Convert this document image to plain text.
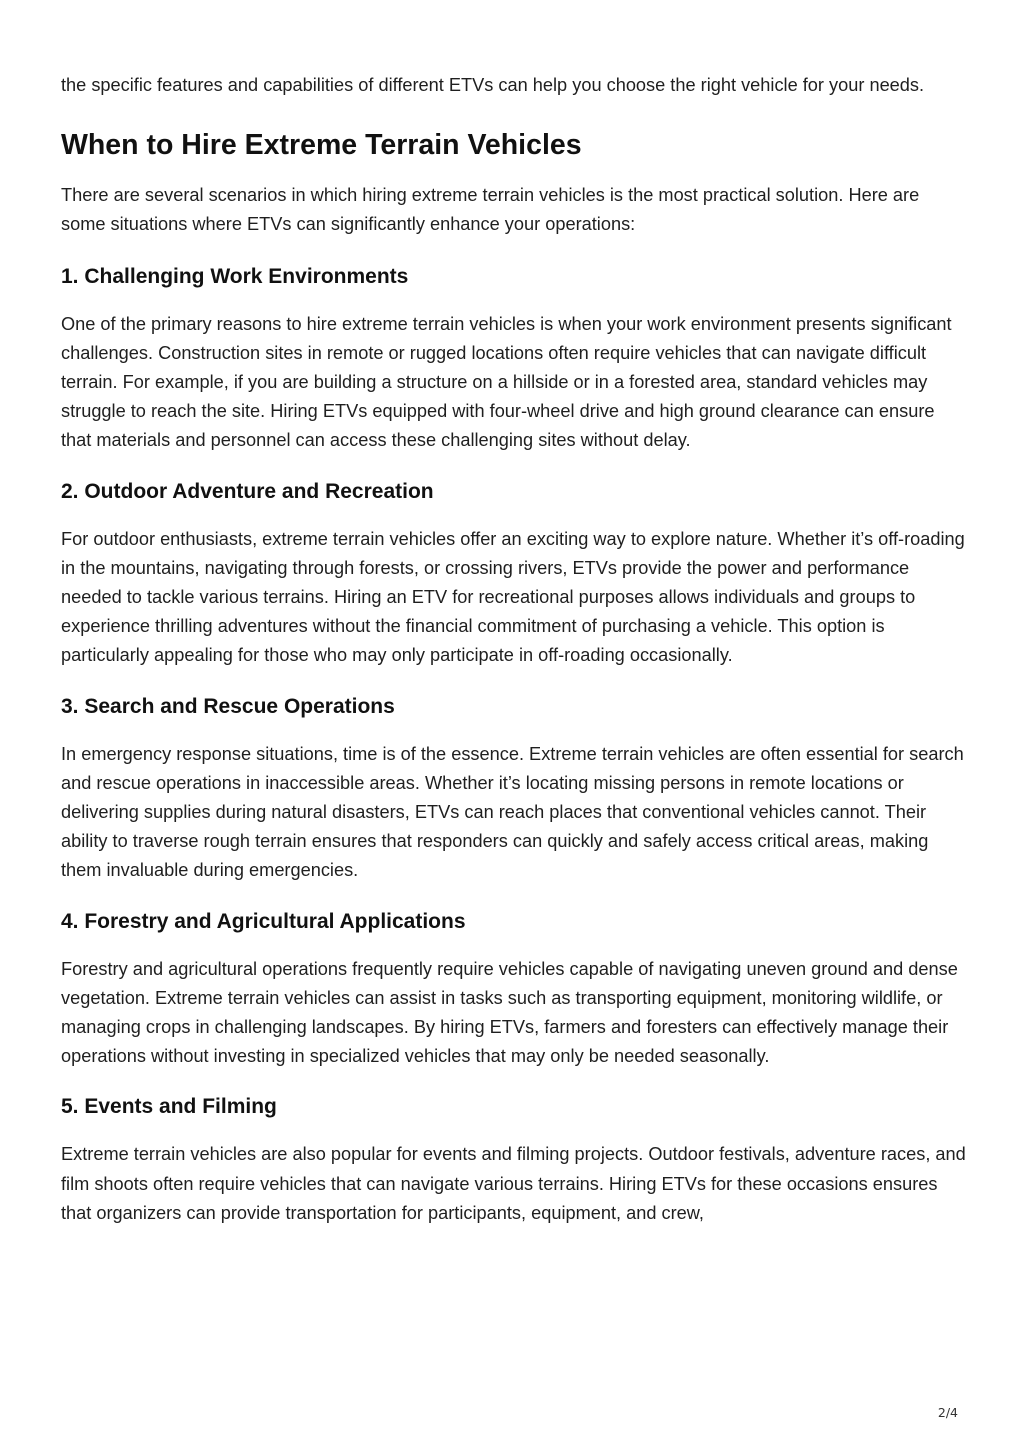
the specific features and capabilities of different ETVs can help you choose the right vehicle for your needs.

When to Hire Extreme Terrain Vehicles

There are several scenarios in which hiring extreme terrain vehicles is the most practical solution. Here are some situations where ETVs can significantly enhance your operations:

1. Challenging Work Environments

One of the primary reasons to hire extreme terrain vehicles is when your work environment presents significant challenges. Construction sites in remote or rugged locations often require vehicles that can navigate difficult terrain. For example, if you are building a structure on a hillside or in a forested area, standard vehicles may struggle to reach the site. Hiring ETVs equipped with four-wheel drive and high ground clearance can ensure that materials and personnel can access these challenging sites without delay.

2. Outdoor Adventure and Recreation

For outdoor enthusiasts, extreme terrain vehicles offer an exciting way to explore nature. Whether it’s off-roading in the mountains, navigating through forests, or crossing rivers, ETVs provide the power and performance needed to tackle various terrains. Hiring an ETV for recreational purposes allows individuals and groups to experience thrilling adventures without the financial commitment of purchasing a vehicle. This option is particularly appealing for those who may only participate in off-roading occasionally.

3. Search and Rescue Operations

In emergency response situations, time is of the essence. Extreme terrain vehicles are often essential for search and rescue operations in inaccessible areas. Whether it’s locating missing persons in remote locations or delivering supplies during natural disasters, ETVs can reach places that conventional vehicles cannot. Their ability to traverse rough terrain ensures that responders can quickly and safely access critical areas, making them invaluable during emergencies.

4. Forestry and Agricultural Applications

Forestry and agricultural operations frequently require vehicles capable of navigating uneven ground and dense vegetation. Extreme terrain vehicles can assist in tasks such as transporting equipment, monitoring wildlife, or managing crops in challenging landscapes. By hiring ETVs, farmers and foresters can effectively manage their operations without investing in specialized vehicles that may only be needed seasonally.

5. Events and Filming

Extreme terrain vehicles are also popular for events and filming projects. Outdoor festivals, adventure races, and film shoots often require vehicles that can navigate various terrains. Hiring ETVs for these occasions ensures that organizers can provide transportation for participants, equipment, and crew,

2/4
